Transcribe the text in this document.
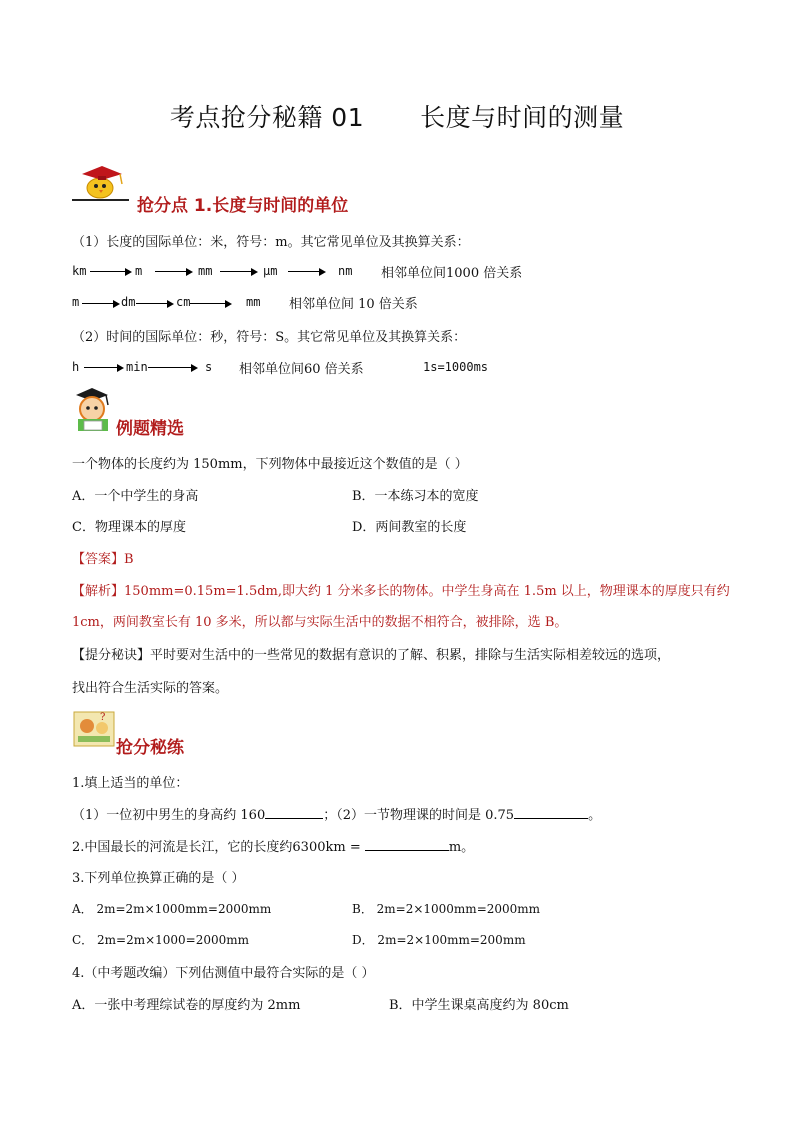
考点抢分秘籍 01 长度与时间的测量
抢分点 1.长度与时间的单位
（1）长度的国际单位：米，符号：m。其它常见单位及其换算关系：
km	m	mm	μm	nm 相邻单位间1000 倍关系
m	dm	cm	mm 相邻单位间 10 倍关系
（2）时间的国际单位：秒，符号：S。其它常见单位及其换算关系：
h	min	s 相邻单位间60 倍关系	1s=1000ms
例题精选
一个物体的长度约为 150mm，下列物体中最接近这个数值的是（ ）
A．一个中学生的身高	B．一本练习本的宽度
C．物理课本的厚度	D．两间教室的长度
【答案】B
【解析】150mm=0.15m=1.5dm,即大约 1 分米多长的物体。中学生身高在 1.5m 以上，物理课本的厚度只有约
1cm，两间教室长有 10 多米，所以都与实际生活中的数据不相符合，被排除，选 B。
【提分秘诀】平时要对生活中的一些常见的数据有意识的了解、积累，排除与生活实际相差较远的选项，
找出符合生活实际的答案。
?
抢分秘练
1.填上适当的单位：
（1）一位初中男生的身高约 160	；（2）一节物理课的时间是 0.75	。
2.中国最长的河流是长江，它的长度约6300km =	m。
3.下列单位换算正确的是（ ）
A． 2m=2m×1000mm=2000mm	B． 2m=2×1000mm=2000mm
C． 2m=2m×1000=2000mm	D． 2m=2×100mm=200mm
4.（中考题改编）下列估测值中最符合实际的是（ ）
A．一张中考理综试卷的厚度约为 2mm	B．中学生课桌高度约为 80cm
